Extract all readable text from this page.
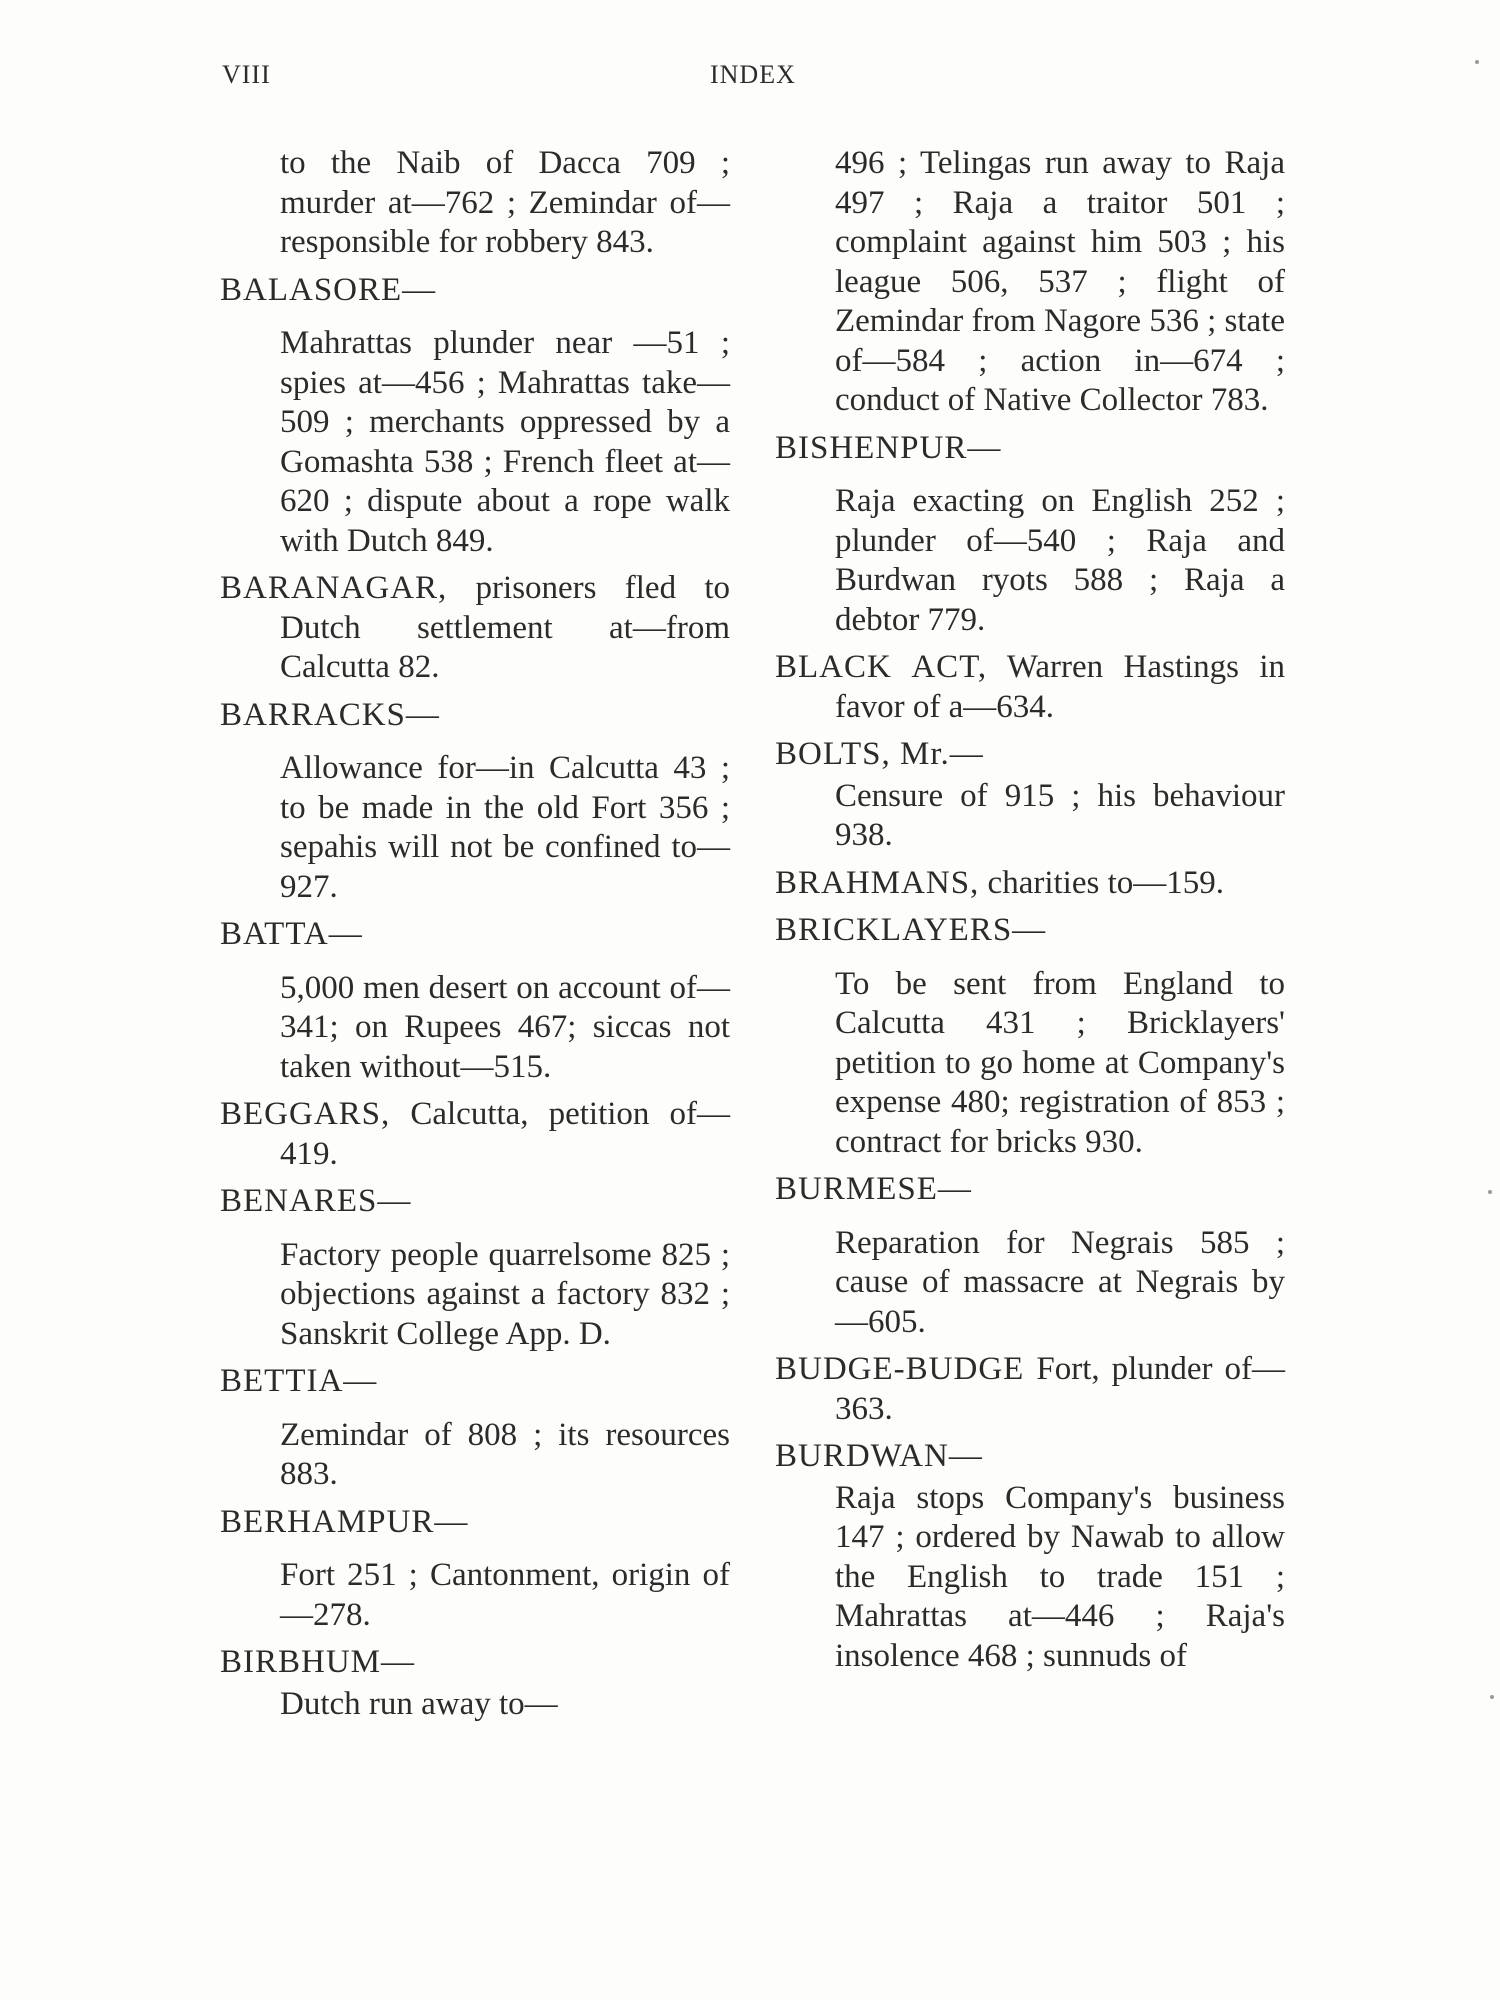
VIII	INDEX
to the Naib of Dacca 709 ; murder at—762 ; Zemindar of—responsible for robbery 843.
BALASORE—
Mahrattas plunder near —51 ; spies at—456 ; Mahrattas take—509 ; merchants oppressed by a Gomashta 538 ; French fleet at—620 ; dispute about a rope walk with Dutch 849.
BARANAGAR, prisoners fled to Dutch settlement at—from Calcutta 82.
BARRACKS—
Allowance for—in Calcutta 43 ; to be made in the old Fort 356 ; sepahis will not be confined to—927.
BATTA—
5,000 men desert on account of—341; on Rupees 467; siccas not taken without—515.
BEGGARS, Calcutta, petition of—419.
BENARES—
Factory people quarrelsome 825 ; objections against a factory 832 ; Sanskrit College App. D.
BETTIA—
Zemindar of 808 ; its resources 883.
BERHAMPUR—
Fort 251 ; Cantonment, origin of—278.
BIRBHUM—
Dutch run away to—
496 ; Telingas run away to Raja 497 ; Raja a traitor 501 ; complaint against him 503 ; his league 506, 537 ; flight of Zemindar from Nagore 536 ; state of—584 ; action in—674 ; conduct of Native Collector 783.
BISHENPUR—
Raja exacting on English 252 ; plunder of—540 ; Raja and Burdwan ryots 588 ; Raja a debtor 779.
BLACK ACT, Warren Hastings in favor of a—634.
BOLTS, Mr.—
Censure of 915 ; his behaviour 938.
BRAHMANS, charities to—159.
BRICKLAYERS—
To be sent from England to Calcutta 431 ; Bricklayers' petition to go home at Company's expense 480; registration of 853 ; contract for bricks 930.
BURMESE—
Reparation for Negrais 585 ; cause of massacre at Negrais by—605.
BUDGE-BUDGE Fort, plunder of—363.
BURDWAN—
Raja stops Company's business 147 ; ordered by Nawab to allow the English to trade 151 ; Mahrattas at—446 ; Raja's insolence 468 ; sunnuds of
